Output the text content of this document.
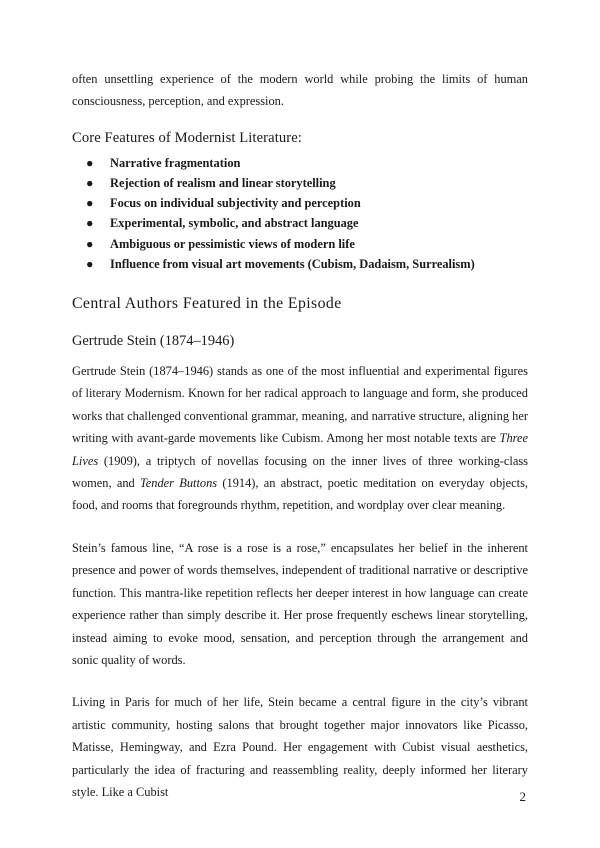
often unsettling experience of the modern world while probing the limits of human consciousness, perception, and expression.

Core Features of Modernist Literature:
● Narrative fragmentation
● Rejection of realism and linear storytelling
● Focus on individual subjectivity and perception
● Experimental, symbolic, and abstract language
● Ambiguous or pessimistic views of modern life
● Influence from visual art movements (Cubism, Dadaism, Surrealism)
Central Authors Featured in the Episode
Gertrude Stein (1874–1946)

Gertrude Stein (1874–1946) stands as one of the most influential and experimental figures of literary Modernism. Known for her radical approach to language and form, she produced works that challenged conventional grammar, meaning, and narrative structure, aligning her writing with avant-garde movements like Cubism. Among her most notable texts are Three Lives (1909), a triptych of novellas focusing on the inner lives of three working-class women, and Tender Buttons (1914), an abstract, poetic meditation on everyday objects, food, and rooms that foregrounds rhythm, repetition, and wordplay over clear meaning.

Stein’s famous line, “A rose is a rose is a rose,” encapsulates her belief in the inherent presence and power of words themselves, independent of traditional narrative or descriptive function. This mantra-like repetition reflects her deeper interest in how language can create experience rather than simply describe it. Her prose frequently eschews linear storytelling, instead aiming to evoke mood, sensation, and perception through the arrangement and sonic quality of words.

Living in Paris for much of her life, Stein became a central figure in the city’s vibrant artistic community, hosting salons that brought together major innovators like Picasso, Matisse, Hemingway, and Ezra Pound. Her engagement with Cubist visual aesthetics, particularly the idea of fracturing and reassembling reality, deeply informed her literary style. Like a Cubist	2
